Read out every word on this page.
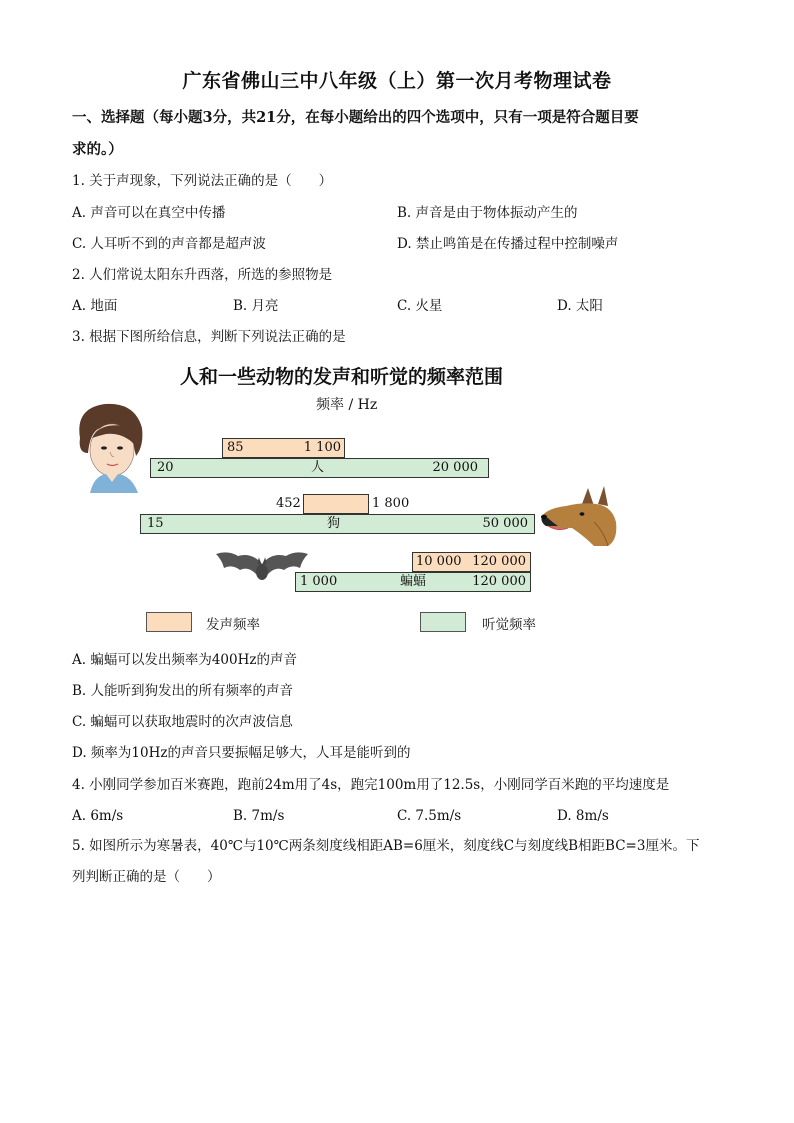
广东省佛山三中八年级（上）第一次月考物理试卷
一、选择题（每小题3分，共21分，在每小题给出的四个选项中，只有一项是符合题目要
求的。）
1. 关于声现象，下列说法正确的是（　　）
A. 声音可以在真空中传播	B. 声音是由于物体振动产生的
C. 人耳听不到的声音都是超声波	D. 禁止鸣笛是在传播过程中控制噪声
2. 人们常说太阳东升西落，所选的参照物是
A. 地面	B. 月亮	C. 火星	D. 太阳
3. 根据下图所给信息，判断下列说法正确的是
人和一些动物的发声和听觉的频率范围
频率 / Hz
85	1 100
20	人	20 000
452	1 800
15	狗	50 000
10 000 120 000
1 000	蝙蝠	120 000
发声频率	听觉频率
A. 蝙蝠可以发出频率为400Hz的声音
B. 人能听到狗发出的所有频率的声音
C. 蝙蝠可以获取地震时的次声波信息
D. 频率为10Hz的声音只要振幅足够大，人耳是能听到的
4. 小刚同学参加百米赛跑，跑前24m用了4s，跑完100m用了12.5s，小刚同学百米跑的平均速度是
A. 6m/s	B. 7m/s	C. 7.5m/s	D. 8m/s
5. 如图所示为寒暑表，40℃与10℃两条刻度线相距AB=6厘米，刻度线C与刻度线B相距BC=3厘米。下
列判断正确的是（　　）
